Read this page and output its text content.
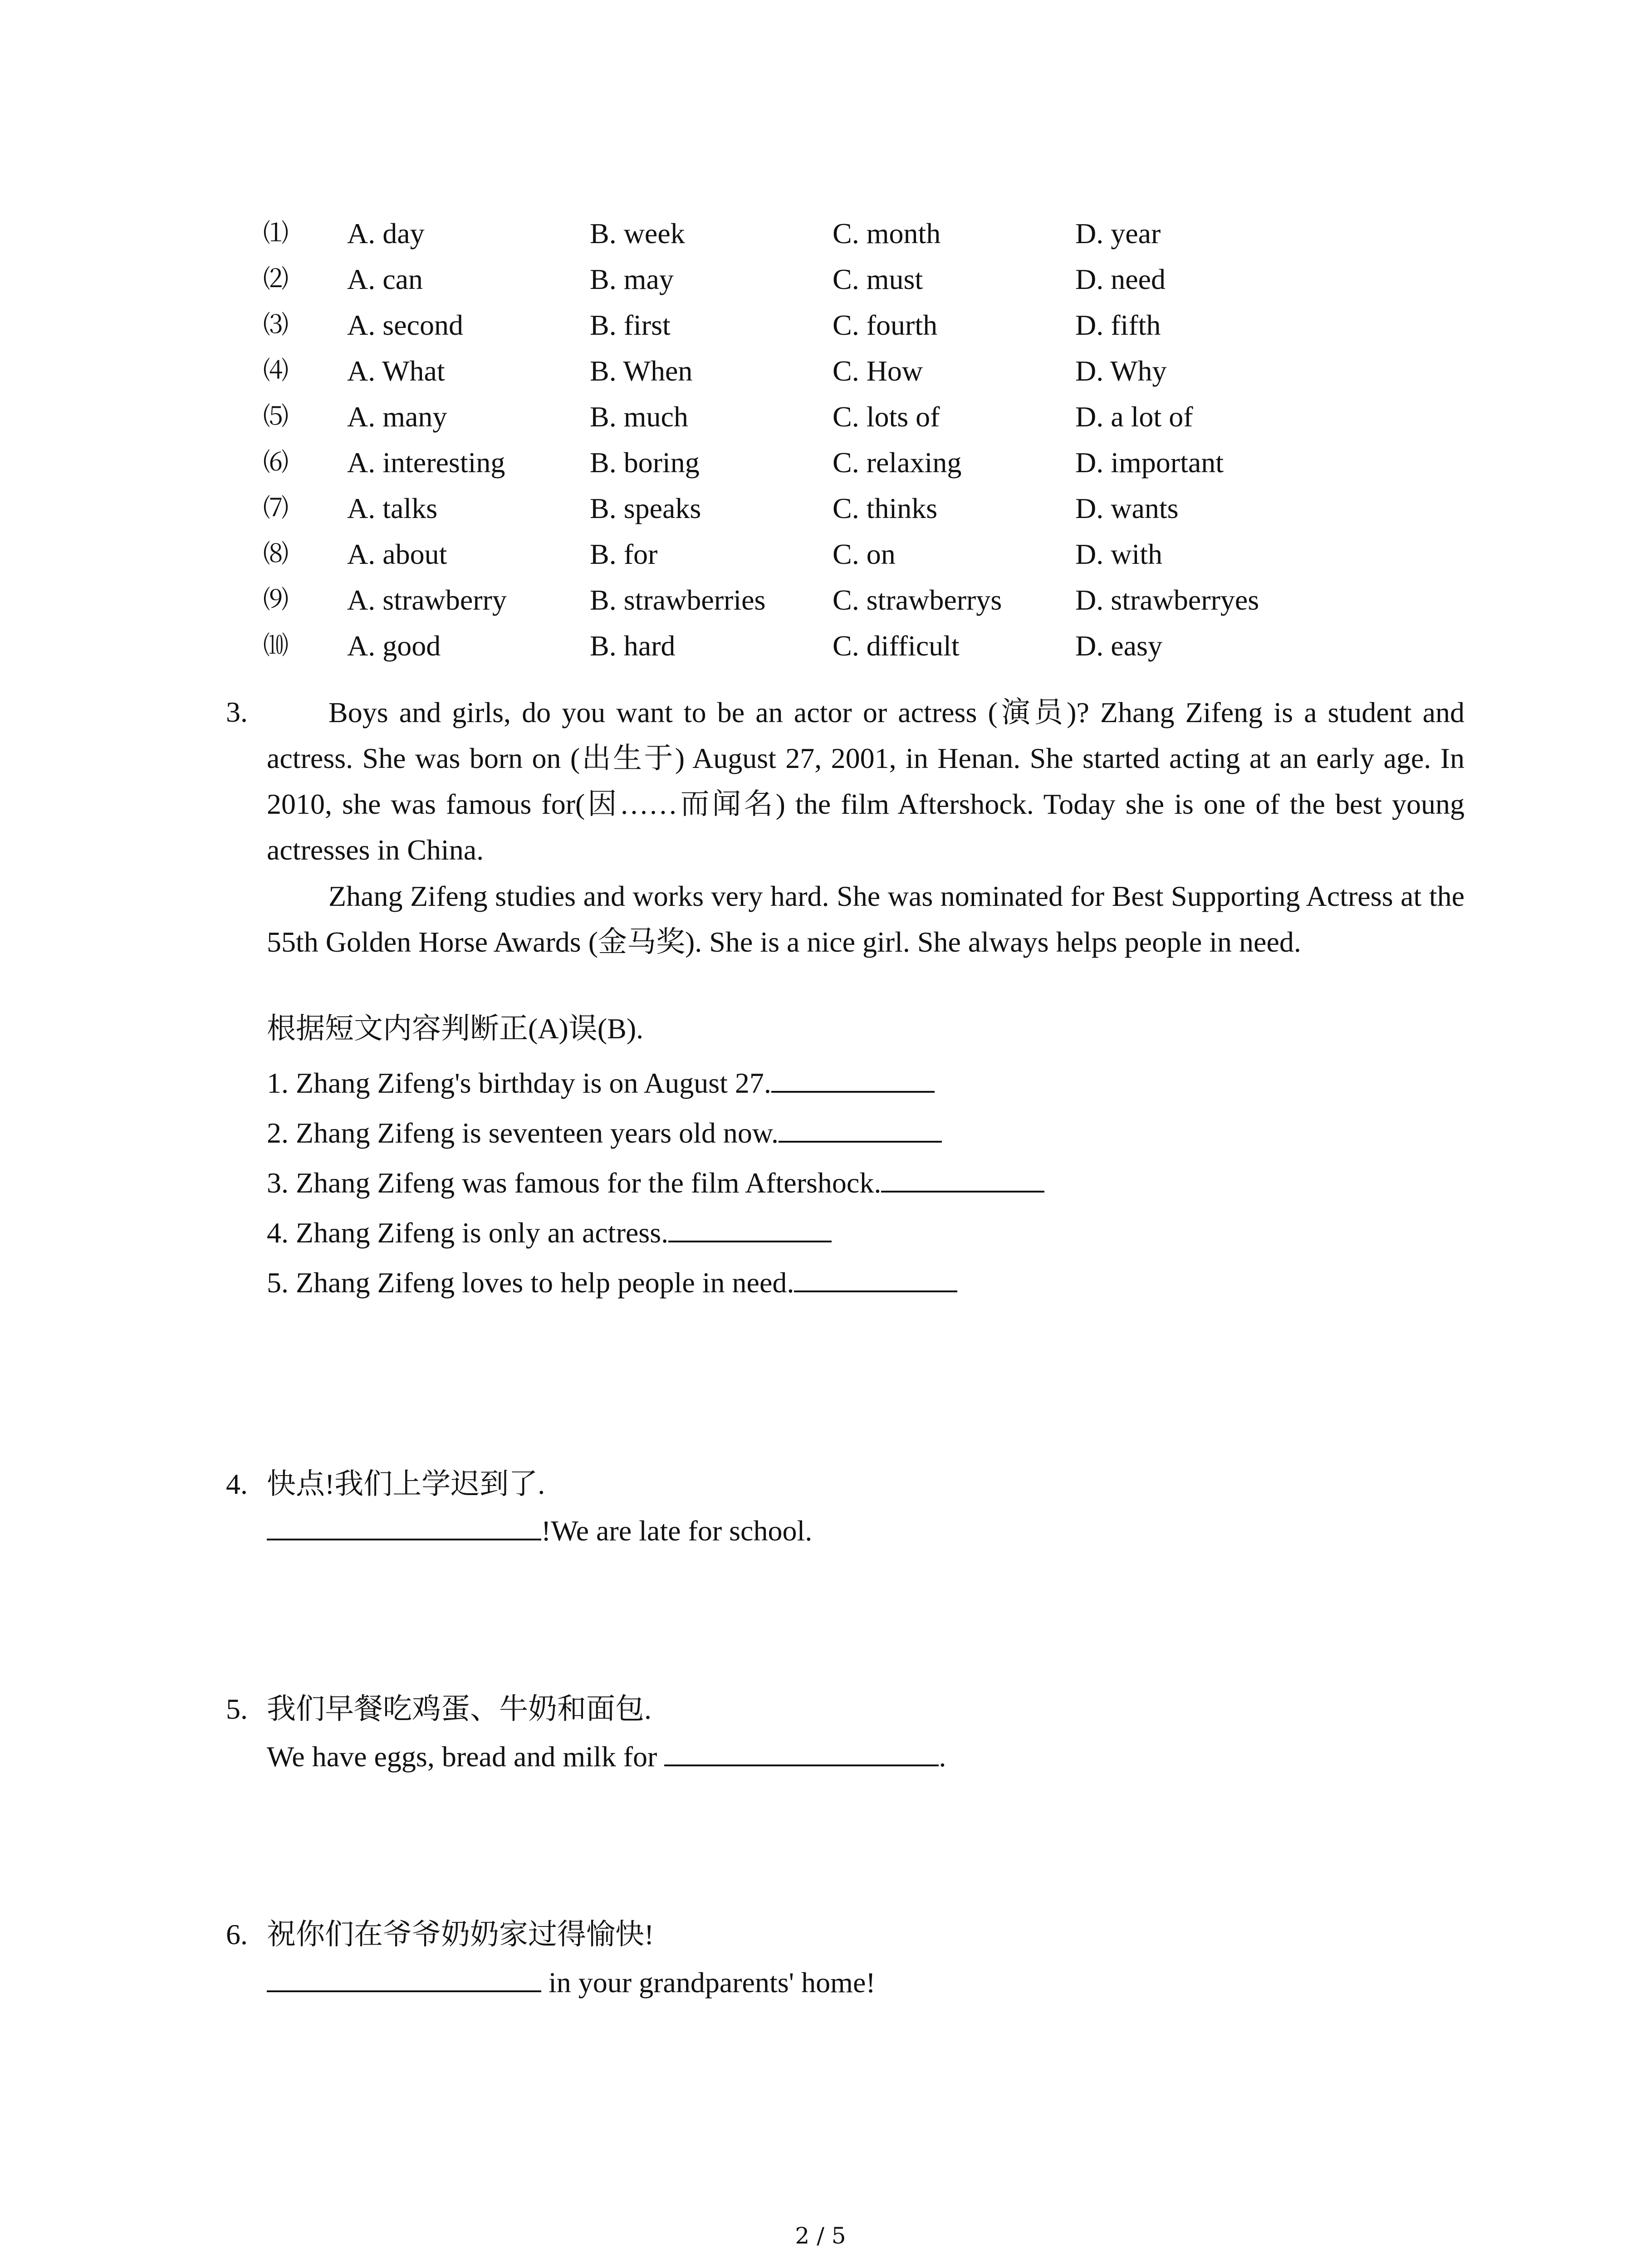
⑴ A. day	B. week	C. month	D. year
⑵ A. can	B. may	C. must	D. need
⑶ A. second	B. first	C. fourth	D. fifth
⑷ A. What	B. When	C. How	D. Why
⑸ A. many	B. much	C. lots of	D. a lot of
⑹ A. interesting	B. boring	C. relaxing	D. important
⑺ A. talks	B. speaks	C. thinks	D. wants
⑻ A. about	B. for	C. on	D. with
⑼ A. strawberry	B. strawberries C. strawberrys	D. strawberryes
⑽ A. good	B. hard	C. difficult	D. easy
3.	Boys and girls, do you want to be an actor or actress (演员)? Zhang Zifeng is a student and actress. She was born on (出生于) August 27, 2001, in Henan. She started acting at an early age. In 2010, she was famous for(因……而闻名) the film Aftershock. Today she is one of the best young actresses in China.

Zhang Zifeng studies and works very hard. She was nominated for Best Supporting Actress at the 55th Golden Horse Awards (金马奖). She is a nice girl. She always helps people in need.

根据短文内容判断正(A)误(B).
1. Zhang Zifeng's birthday is on August 27.
2. Zhang Zifeng is seventeen years old now.
3. Zhang Zifeng was famous for the film Aftershock.
4. Zhang Zifeng is only an actress.
5. Zhang Zifeng loves to help people in need.
4. 快点!我们上学迟到了.
!We are late for school.
5. 我们早餐吃鸡蛋、牛奶和面包.
We have eggs, bread and milk for	.
6. 祝你们在爷爷奶奶家过得愉快!
in your grandparents' home!
2 / 5
